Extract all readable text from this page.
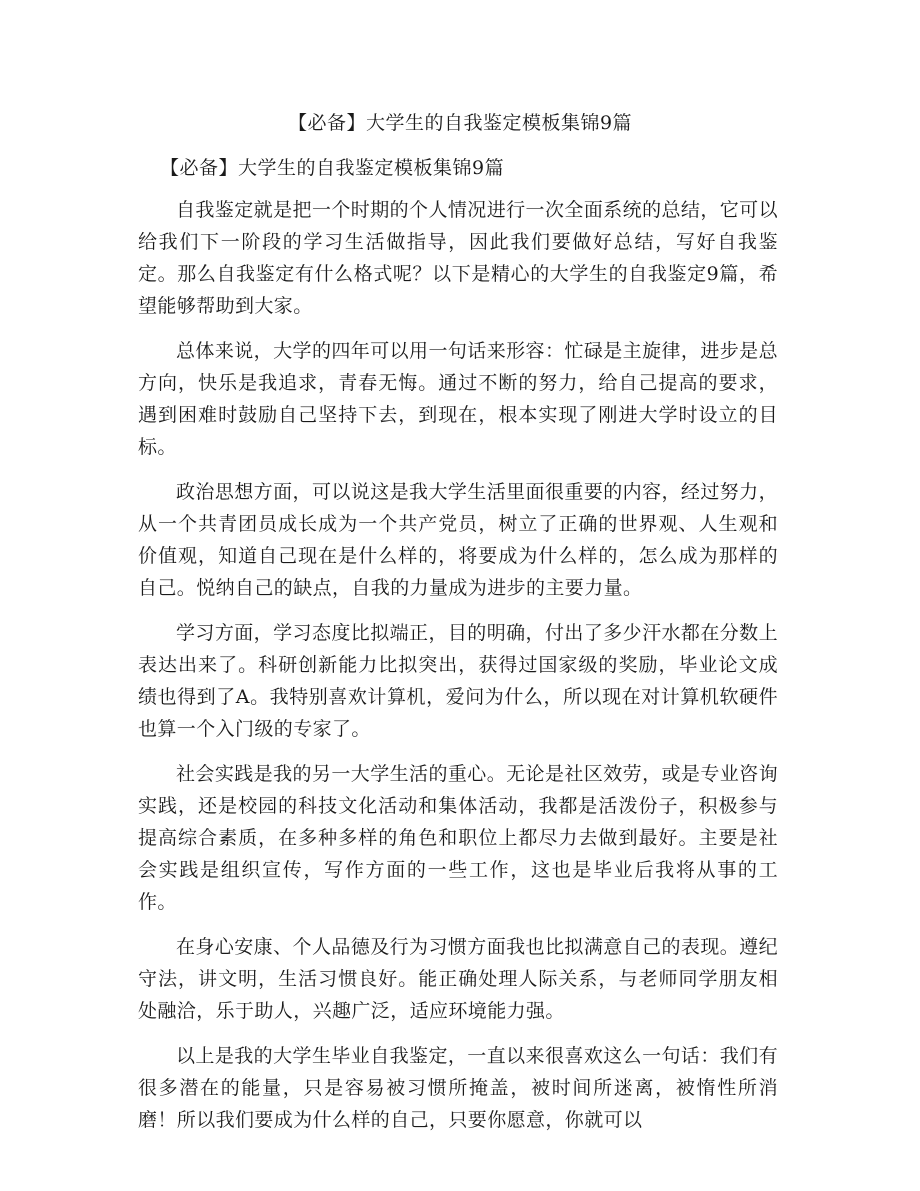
【必备】大学生的自我鉴定模板集锦9篇
【必备】大学生的自我鉴定模板集锦9篇

自我鉴定就是把一个时期的个人情况进行一次全面系统的总结，它可以给我们下一阶段的学习生活做指导，因此我们要做好总结，写好自我鉴定。那么自我鉴定有什么格式呢？以下是精心的大学生的自我鉴定9篇，希望能够帮助到大家。

总体来说，大学的四年可以用一句话来形容：忙碌是主旋律，进步是总方向，快乐是我追求，青春无悔。通过不断的努力，给自己提高的要求，遇到困难时鼓励自己坚持下去，到现在，根本实现了刚进大学时设立的目标。

政治思想方面，可以说这是我大学生活里面很重要的内容，经过努力，从一个共青团员成长成为一个共产党员，树立了正确的世界观、人生观和价值观，知道自己现在是什么样的，将要成为什么样的，怎么成为那样的自己。悦纳自己的缺点，自我的力量成为进步的主要力量。

学习方面，学习态度比拟端正，目的明确，付出了多少汗水都在分数上表达出来了。科研创新能力比拟突出，获得过国家级的奖励，毕业论文成绩也得到了A。我特别喜欢计算机，爱问为什么，所以现在对计算机软硬件也算一个入门级的专家了。

社会实践是我的另一大学生活的重心。无论是社区效劳，或是专业咨询实践，还是校园的科技文化活动和集体活动，我都是活泼份子，积极参与提高综合素质，在多种多样的角色和职位上都尽力去做到最好。主要是社会实践是组织宣传，写作方面的一些工作，这也是毕业后我将从事的工作。

在身心安康、个人品德及行为习惯方面我也比拟满意自己的表现。遵纪守法，讲文明，生活习惯良好。能正确处理人际关系，与老师同学朋友相处融洽，乐于助人，兴趣广泛，适应环境能力强。

以上是我的大学生毕业自我鉴定，一直以来很喜欢这么一句话：我们有很多潜在的能量，只是容易被习惯所掩盖，被时间所迷离，被惰性所消磨！所以我们要成为什么样的自己，只要你愿意，你就可以
